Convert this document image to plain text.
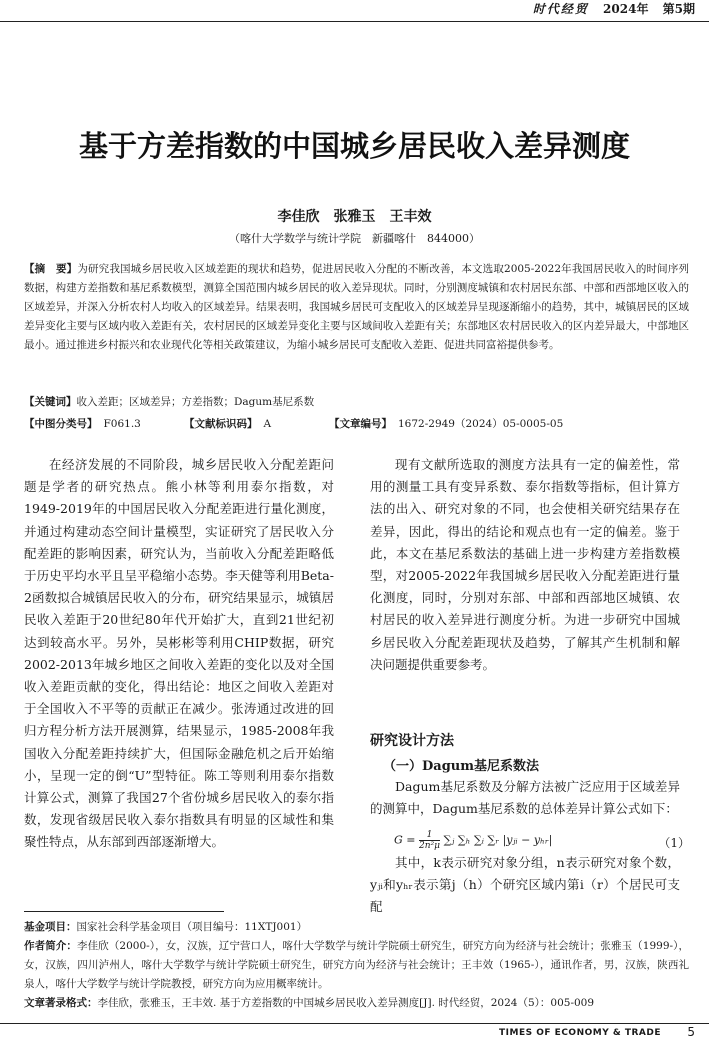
时代经贸 2024年 第5期
基于方差指数的中国城乡居民收入差异测度
李佳欣　张雅玉　王丰效
（喀什大学数学与统计学院　新疆喀什　844000）
【摘　要】为研究我国城乡居民收入区域差距的现状和趋势，促进居民收入分配的不断改善，本文选取2005-2022年我国居民收入的时间序列数据，构建方差指数和基尼系数模型，测算全国范围内城乡居民的收入差异现状。同时，分别测度城镇和农村居民东部、中部和西部地区收入的区域差异，并深入分析农村人均收入的区域差异。结果表明，我国城乡居民可支配收入的区域差异呈现逐渐缩小的趋势，其中，城镇居民的区域差异变化主要与区域内收入差距有关，农村居民的区域差异变化主要与区域间收入差距有关；东部地区农村居民收入的区内差异最大，中部地区最小。通过推进乡村振兴和农业现代化等相关政策建议，为缩小城乡居民可支配收入差距、促进共同富裕提供参考。
【关键词】收入差距；区域差异；方差指数；Dagum基尼系数
【中图分类号】 F061.3	【文献标识码】 A	【文章编号】 1672-2949（2024）05-0005-05

在经济发展的不同阶段，城乡居民收入分配差距问题是学者的研究热点。熊小林等利用泰尔指数，对1949-2019年的中国居民收入分配差距进行量化测度，并通过构建动态空间计量模型，实证研究了居民收入分配差距的影响因素，研究认为，当前收入分配差距略低于历史平均水平且呈平稳缩小态势。李天健等利用Beta-2函数拟合城镇居民收入的分布，研究结果显示，城镇居民收入差距于20世纪80年代开始扩大，直到21世纪初达到较高水平。另外，吴彬彬等利用CHIP数据，研究2002-2013年城乡地区之间收入差距的变化以及对全国收入差距贡献的变化，得出结论：地区之间收入差距对于全国收入不平等的贡献正在减少。张涛通过改进的回归方程分析方法开展测算，结果显示，1985-2008年我国收入分配差距持续扩大，但国际金融危机之后开始缩小，呈现一定的倒“U”型特征。陈工等则利用泰尔指数计算公式，测算了我国27个省份城乡居民收入的泰尔指数，发现省级居民收入泰尔指数具有明显的区域性和集聚性特点，从东部到西部逐渐增大。

现有文献所选取的测度方法具有一定的偏差性，常用的测量工具有变异系数、泰尔指数等指标，但计算方法的出入、研究对象的不同，也会使相关研究结果存在差异，因此，得出的结论和观点也有一定的偏差。鉴于此，本文在基尼系数法的基础上进一步构建方差指数模型，对2005-2022年我国城乡居民收入分配差距进行量化测度，同时，分别对东部、中部和西部地区城镇、农村居民的收入差异进行测度分析。为进一步研究中国城乡居民收入分配差距现状及趋势，了解其产生机制和解决问题提供重要参考。

研究设计方法
（一）Dagum基尼系数法

Dagum基尼系数及分解方法被广泛应用于区域差异的测算中，Dagum基尼系数的总体差异计算公式如下：

$G = \frac{1}{\text{2n²μ}}$ ∑ⱼ ∑ₕ ∑ᵢ ∑ᵣ |yⱼᵢ − yₕᵣ|	（1）

其中，k表示研究对象分组，n表示研究对象个数，yⱼᵢ和yₕᵣ表示第j（h）个研究区域内第i（r）个居民可支配

基金项目：国家社会科学基金项目（项目编号：11XTJ001）
作者简介：李佳欣（2000-），女，汉族，辽宁营口人，喀什大学数学与统计学院硕士研究生，研究方向为经济与社会统计；张雅玉（1999-），女，汉族，四川泸州人，喀什大学数学与统计学院硕士研究生，研究方向为经济与社会统计；王丰效（1965-），通讯作者，男，汉族，陕西礼泉人，喀什大学数学与统计学院教授，研究方向为应用概率统计。
文章著录格式：李佳欣，张雅玉，王丰效. 基于方差指数的中国城乡居民收入差异测度[J]. 时代经贸，2024（5）：005-009
TIMES OF ECONOMY & TRADE 5
